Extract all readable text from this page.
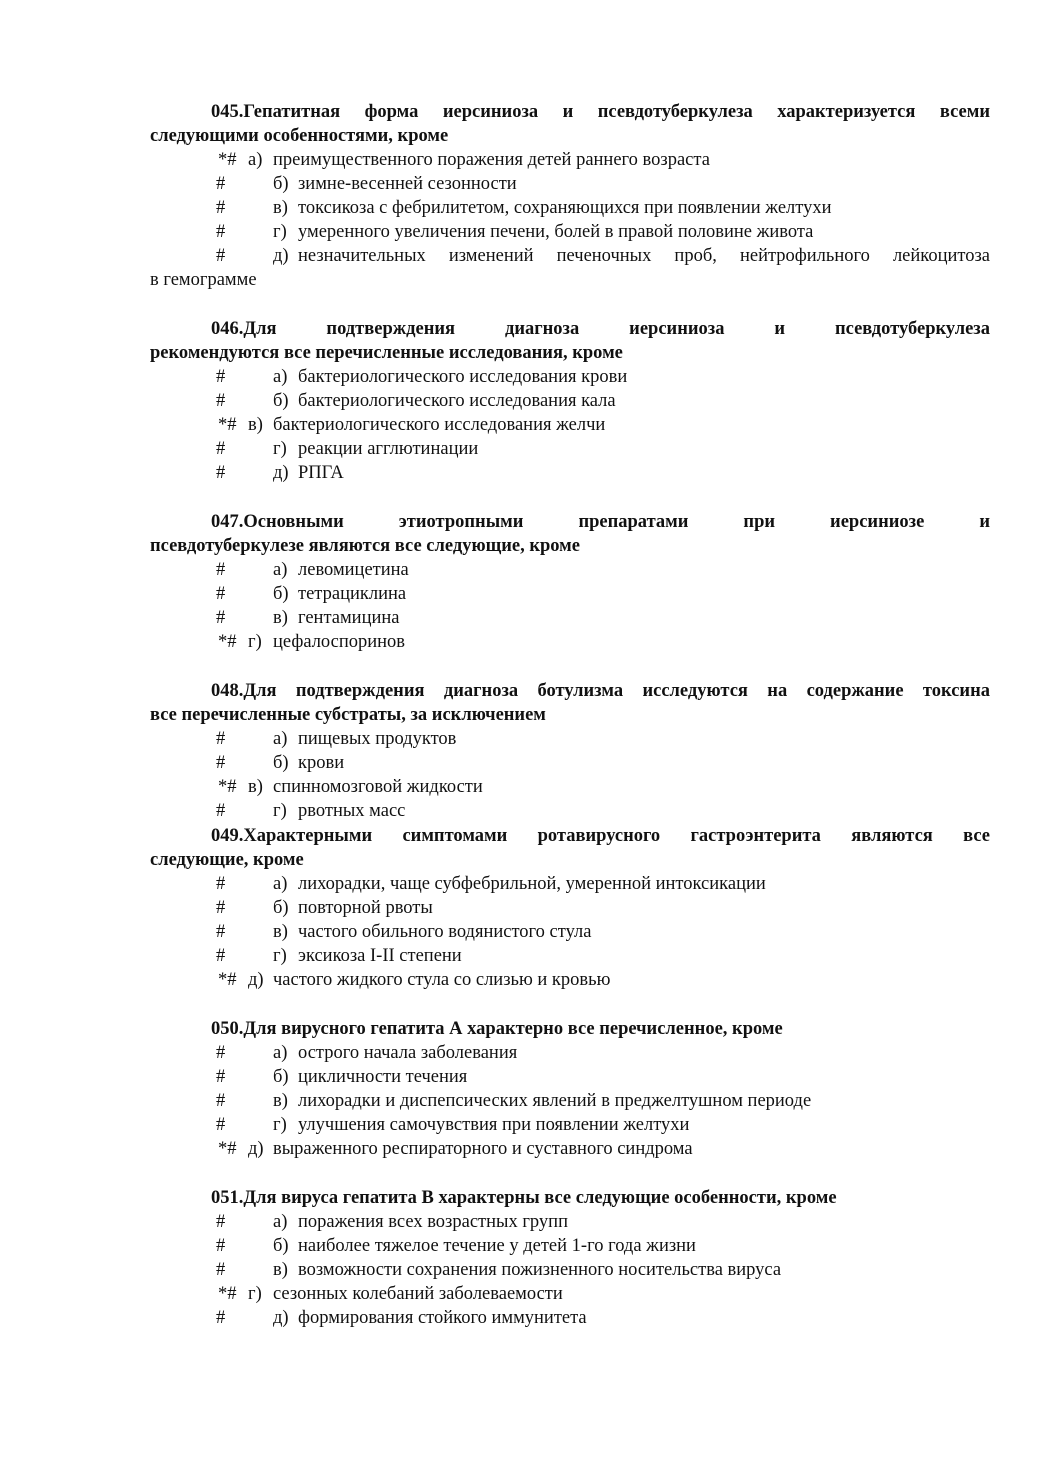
045.Гепатитная форма иерсиниоза и псевдотуберкулеза характеризуется всеми

следующими особенностями, кроме

*# а) преимущественного поражения детей раннего возраста
#	б) зимне-весенней сезонности
#	в) токсикоза с фебрилитетом, сохраняющихся при появлении желтухи
#	г) умеренного увеличения печени, болей в правой половине живота
#	д) незначительных изменений печеночных проб, нейтрофильного лейкоцитоза
в гемограмме

046.Для подтверждения диагноза иерсиниоза и псевдотуберкулеза

рекомендуются все перечисленные исследования, кроме

#	а) бактериологического исследования крови
#	б) бактериологического исследования кала
*# в) бактериологического исследования желчи
#	г) реакции агглютинации
#	д) РПГА

047.Основными этиотропными препаратами при иерсиниозе и

псевдотуберкулезе являются все следующие, кроме

#	а) левомицетина
#	б) тетрациклина
#	в) гентамицина
*# г) цефалоспоринов

048.Для подтверждения диагноза ботулизма исследуются на содержание токсина

все перечисленные субстраты, за исключением

#	а) пищевых продуктов
#	б) крови
*# в) спинномозговой жидкости
#	г) рвотных масс

049.Характерными симптомами ротавирусного гастроэнтерита являются все

следующие, кроме

#	а) лихорадки, чаще субфебрильной, умеренной интоксикации
#	б) повторной рвоты
#	в) частого обильного водянистого стула
#	г) эксикоза I-II степени
*# д) частого жидкого стула со слизью и кровью

050.Для вирусного гепатита А характерно все перечисленное, кроме

#	а) острого начала заболевания
#	б) цикличности течения
#	в) лихорадки и диспепсических явлений в преджелтушном периоде
#	г) улучшения самочувствия при появлении желтухи
*# д) выраженного респираторного и суставного синдрома

051.Для вируса гепатита В характерны все следующие особенности, кроме

#	а) поражения всех возрастных групп
#	б) наиболее тяжелое течение у детей 1-го года жизни
#	в) возможности сохранения пожизненного носительства вируса
*# г) сезонных колебаний заболеваемости
#	д) формирования стойкого иммунитета
